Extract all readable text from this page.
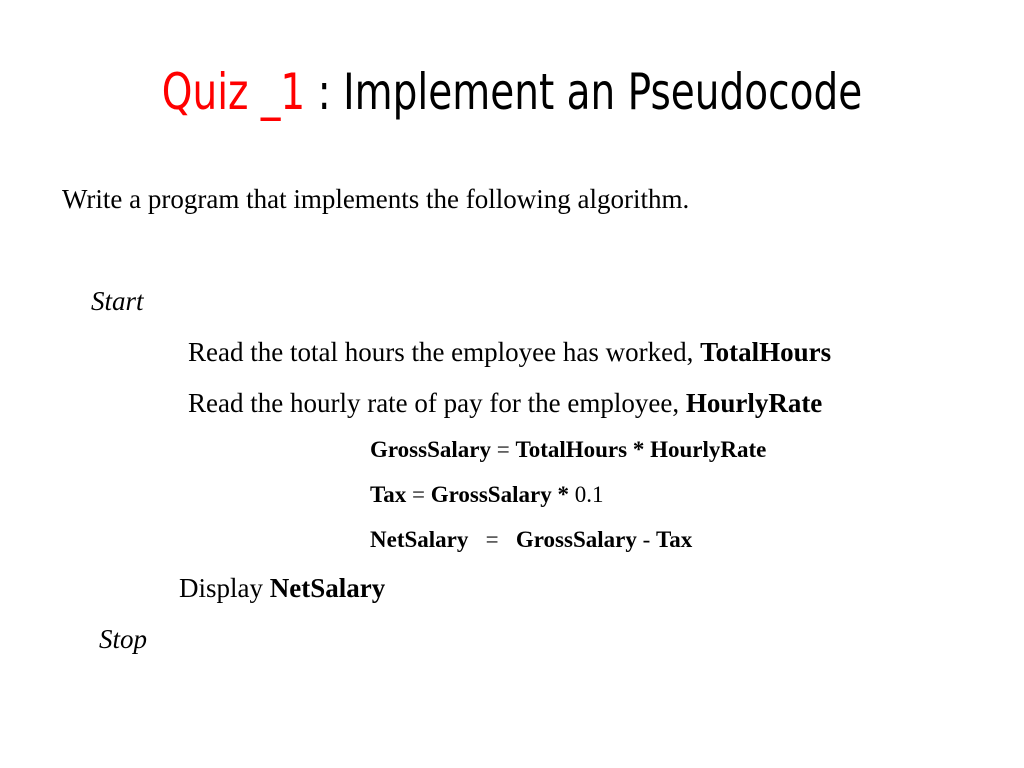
Quiz _1 : Implement an Pseudocode
Write a program that implements the following algorithm.
Start
Read the total hours the employee has worked, TotalHours
Read the hourly rate of pay for the employee, HourlyRate
GrossSalary = TotalHours * HourlyRate
Tax = GrossSalary * 0.1
NetSalary   =   GrossSalary - Tax
Display NetSalary
Stop
